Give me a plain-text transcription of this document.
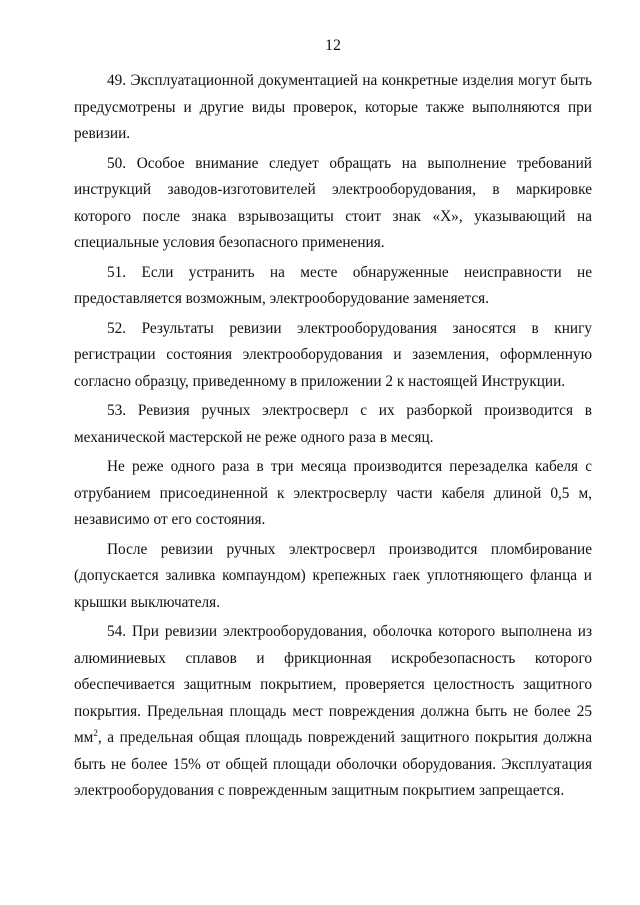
12

49. Эксплуатационной документацией на конкретные изделия могут быть предусмотрены и другие виды проверок, которые также выполняются при ревизии.

50. Особое внимание следует обращать на выполнение требований инструкций заводов-изготовителей электрооборудования, в маркировке которого после знака взрывозащиты стоит знак «Х», указывающий на специальные условия безопасного применения.

51. Если устранить на месте обнаруженные неисправности не предоставляется возможным, электрооборудование заменяется.

52. Результаты ревизии электрооборудования заносятся в книгу регистрации состояния электрооборудования и заземления, оформленную согласно образцу, приведенному в приложении 2 к настоящей Инструкции.

53. Ревизия ручных электросверл с их разборкой производится в механической мастерской не реже одного раза в месяц.

Не реже одного раза в три месяца производится перезаделка кабеля с отрубанием присоединенной к электросверлу части кабеля длиной 0,5 м, независимо от его состояния.

После ревизии ручных электросверл производится пломбирование (допускается заливка компаундом) крепежных гаек уплотняющего фланца и крышки выключателя.

54. При ревизии электрооборудования, оболочка которого выполнена из алюминиевых сплавов и фрикционная искробезопасность которого обеспечивается защитным покрытием, проверяется целостность защитного покрытия. Предельная площадь мест повреждения должна быть не более 25 $мм^2$, а предельная общая площадь повреждений защитного покрытия должна быть не более 15% от общей площади оболочки оборудования. Эксплуатация электрооборудования с поврежденным защитным покрытием запрещается.
